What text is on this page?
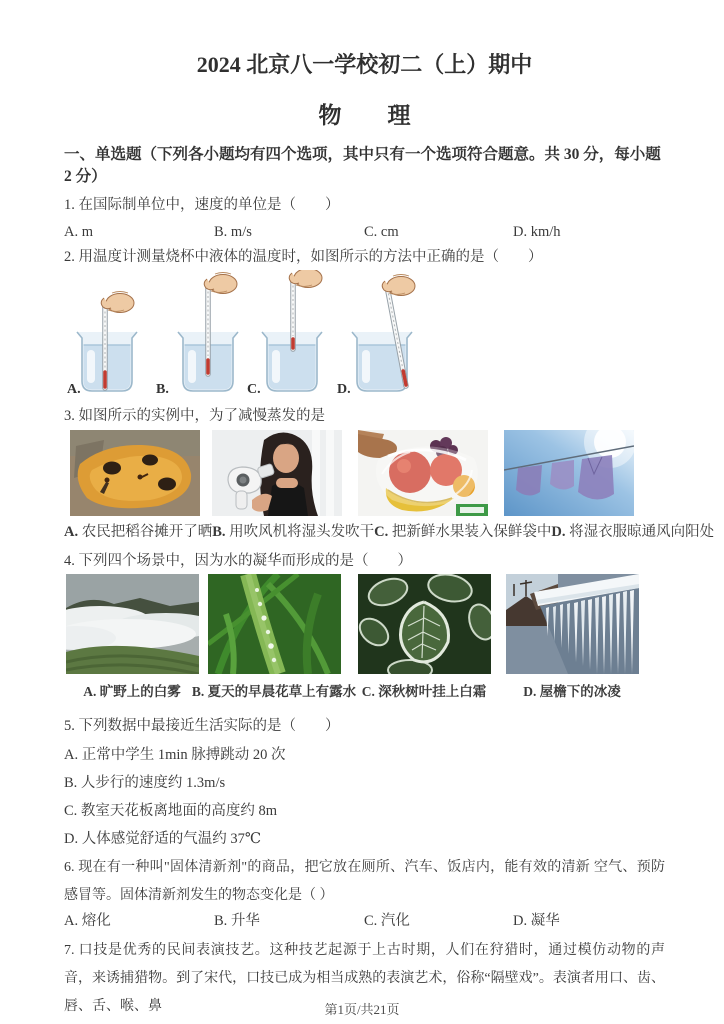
2024 北京八一学校初二（上）期中
物　　理
一、单选题（下列各小题均有四个选项，其中只有一个选项符合题意。共 30 分，每小题 2 分）
1. 在国际制单位中，速度的单位是（　　）
A. m	B. m/s	C. cm	D. km/h
2. 用温度计测量烧杯中液体的温度时，如图所示的方法中正确的是（　　）
A.	B.	C.	D.
3. 如图所示的实例中，为了减慢蒸发的是
A. 农民把稻谷摊开了晒B. 用吹风机将湿头发吹干C. 把新鲜水果装入保鲜袋中D. 将湿衣服晾通风向阳处
4. 下列四个场景中，因为水的凝华而形成的是（　　）
A. 旷野上的白雾 B. 夏天的早晨花草上有露水 C. 深秋树叶挂上白霜	D. 屋檐下的冰凌
5. 下列数据中最接近生活实际的是（　　）

A. 正常中学生 1min 脉搏跳动 20 次

B. 人步行的速度约 1.3m/s

C. 教室天花板离地面的高度约 8m

D. 人体感觉舒适的气温约 37℃

6. 现在有一种叫"固体清新剂"的商品，把它放在厕所、汽车、饭店内，能有效的清新 空气、预防感冒等。固体清新剂发生的物态变化是（ ）

A. 熔化	B. 升华	C. 汽化	D. 凝华

7. 口技是优秀的民间表演技艺。这种技艺起源于上古时期，人们在狩猎时，通过模仿动物的声音，来诱捕猎物。到了宋代，口技已成为相当成熟的表演艺术，俗称“隔壁戏”。表演者用口、齿、唇、舌、喉、鼻	第1页/共21页
